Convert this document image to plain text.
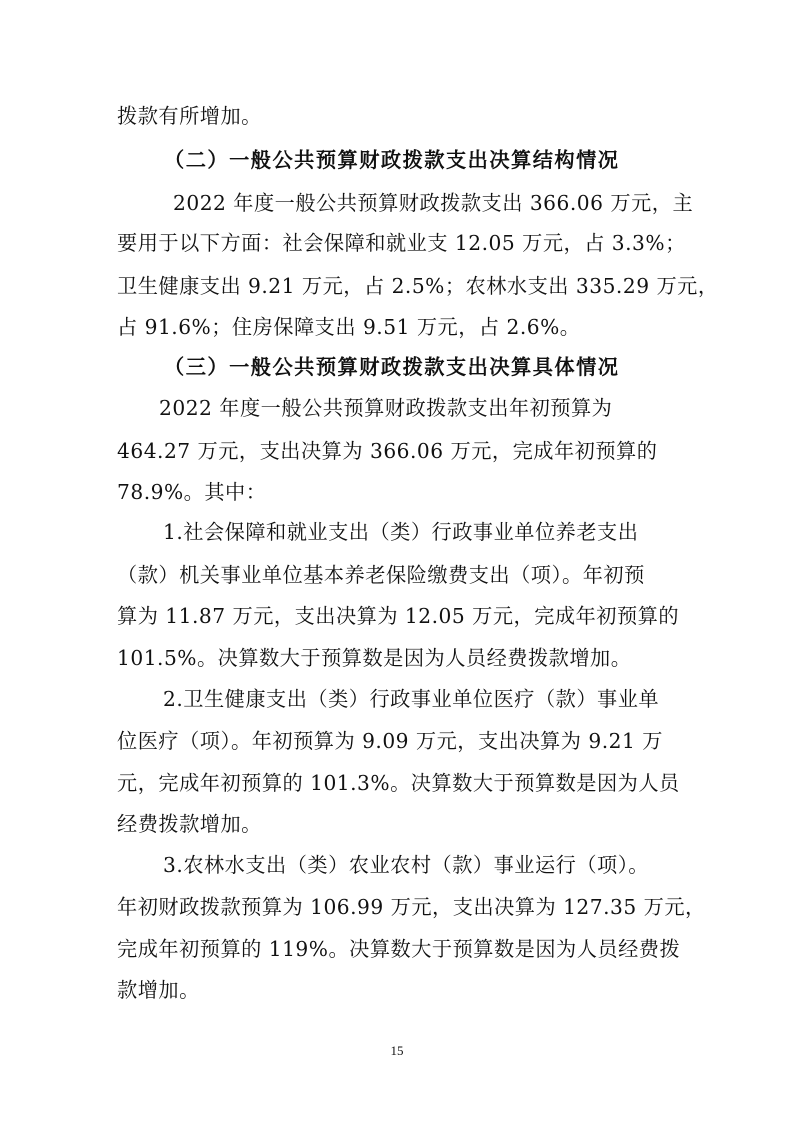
拨款有所增加。

（二）一般公共预算财政拨款支出决算结构情况

2022 年度一般公共预算财政拨款支出 366.06 万元，主

要用于以下方面：社会保障和就业支 12.05 万元，占 3.3%；

卫生健康支出 9.21 万元，占 2.5%；农林水支出 335.29 万元，

占 91.6%；住房保障支出 9.51 万元，占 2.6%。

（三）一般公共预算财政拨款支出决算具体情况

2022 年度一般公共预算财政拨款支出年初预算为

464.27 万元，支出决算为 366.06 万元，完成年初预算的

78.9%。其中：

1.社会保障和就业支出（类）行政事业单位养老支出

（款）机关事业单位基本养老保险缴费支出（项）。年初预

算为 11.87 万元，支出决算为 12.05 万元，完成年初预算的

101.5%。决算数大于预算数是因为人员经费拨款增加。

2.卫生健康支出（类）行政事业单位医疗（款）事业单

位医疗（项）。年初预算为 9.09 万元，支出决算为 9.21 万

元，完成年初预算的 101.3%。决算数大于预算数是因为人员

经费拨款增加。

3.农林水支出（类）农业农村（款）事业运行（项）。

年初财政拨款预算为 106.99 万元，支出决算为 127.35 万元，

完成年初预算的 119%。决算数大于预算数是因为人员经费拨

款增加。

15
